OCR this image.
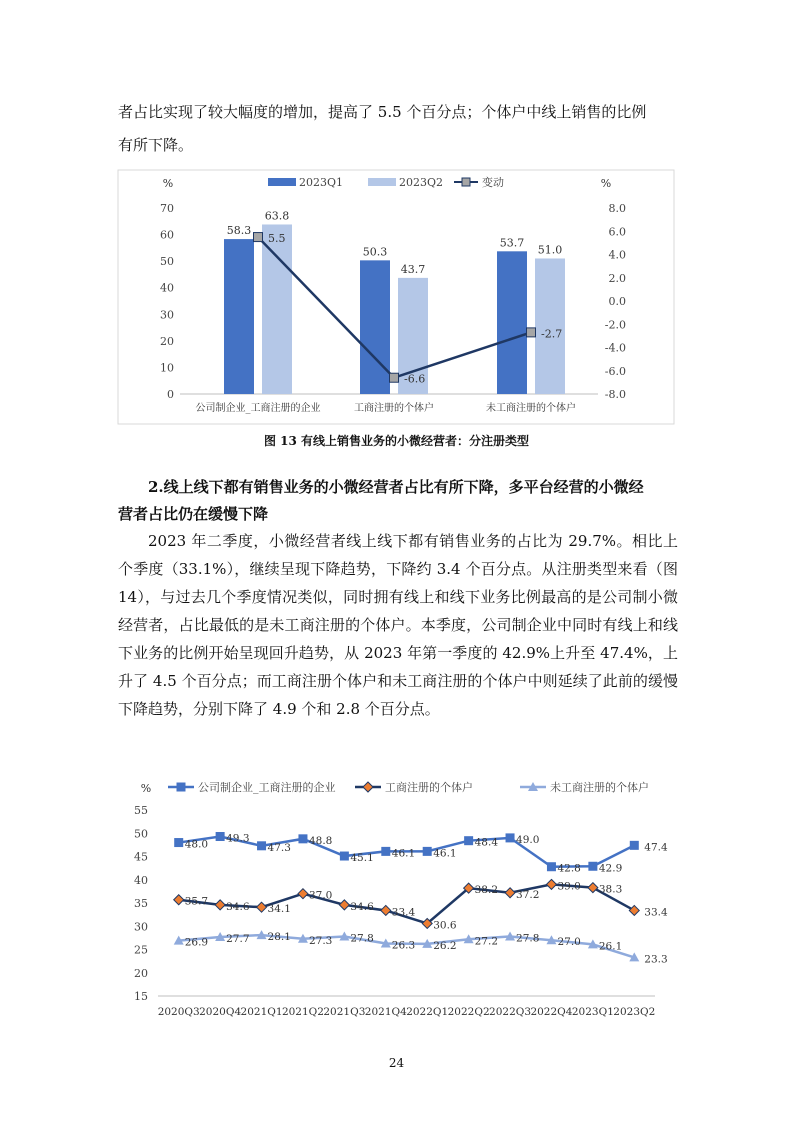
者占比实现了较大幅度的增加，提高了 5.5 个百分点；个体户中线上销售的比例

有所下降。

%	%
0
10
20
30
40
50
60
70	8.0
6.0
4.0
2.0
0.0
-2.0
-4.0
-6.0
-8.0
2023Q1	2023Q2	变动
58.3
63.8
公司制企业_工商注册的企业
50.3
43.7
工商注册的个体户
53.7
51.0
未工商注册的个体户
5.5
-6.6
-2.7
图 13 有线上销售业务的小微经营者：分注册类型

2.线上线下都有销售业务的小微经营者占比有所下降，多平台经营的小微经

营者占比仍在缓慢下降

2023 年二季度，小微经营者线上线下都有销售业务的占比为 29.7%。相比上个季度（33.1%），继续呈现下降趋势，下降约 3.4 个百分点。从注册类型来看（图 14），与过去几个季度情况类似，同时拥有线上和线下业务比例最高的是公司制小微经营者，占比最低的是未工商注册的个体户。本季度，公司制企业中同时有线上和线下业务的比例开始呈现回升趋势，从 2023 年第一季度的 42.9%上升至 47.4%，上升了 4.5 个百分点；而工商注册个体户和未工商注册的个体户中则延续了此前的缓慢下降趋势，分别下降了 4.9 个和 2.8 个百分点。

%
15
20
25
30
35
40
45
50
55
2020Q3 2020Q4 2021Q1 2021Q2 2021Q3 2021Q4 2022Q1 2022Q2 2022Q3 2022Q4 2023Q1 2023Q2
公司制企业_工商注册的企业	工商注册的个体户	未工商注册的个体户
48.0
49.3
47.3
48.8
45.1 46.1 46.1
48.4 49.0
42.8 42.9
47.4
35.7 34.6 34.1
37.0
34.6 33.4
30.6
38.2 37.2
39.0 38.3
33.4
26.9 27.7 28.1 27.3 27.8
26.3 26.2 27.2 27.8 27.0 26.1
23.3
24
